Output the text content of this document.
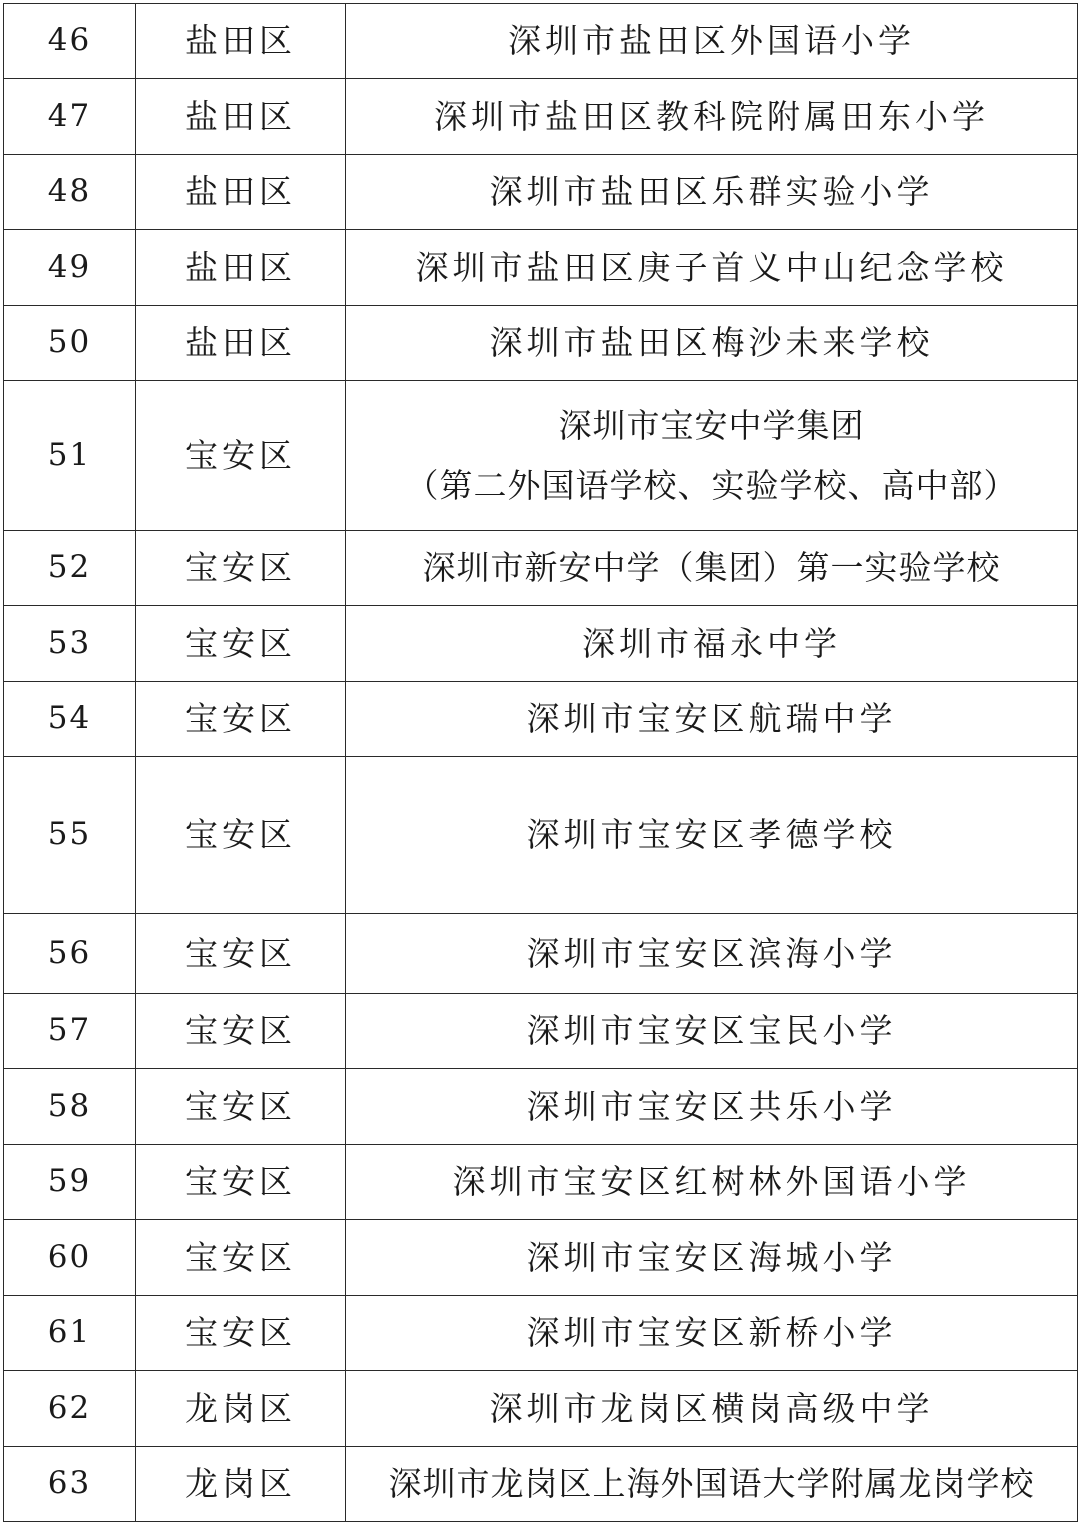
46	盐田区	深圳市盐田区外国语小学
47	盐田区	深圳市盐田区教科院附属田东小学
48	盐田区	深圳市盐田区乐群实验小学
49	盐田区	深圳市盐田区庚子首义中山纪念学校
50	盐田区	深圳市盐田区梅沙未来学校
51	宝安区	深圳市宝安中学集团
（第二外国语学校、实验学校、高中部）

52	宝安区	深圳市新安中学（集团）第一实验学校
53	宝安区	深圳市福永中学
54	宝安区	深圳市宝安区航瑞中学
55	宝安区	深圳市宝安区孝德学校
56	宝安区	深圳市宝安区滨海小学
57	宝安区	深圳市宝安区宝民小学
58	宝安区	深圳市宝安区共乐小学
59	宝安区	深圳市宝安区红树林外国语小学
60	宝安区	深圳市宝安区海城小学
61	宝安区	深圳市宝安区新桥小学
62	龙岗区	深圳市龙岗区横岗高级中学
63	龙岗区	深圳市龙岗区上海外国语大学附属龙岗学校
